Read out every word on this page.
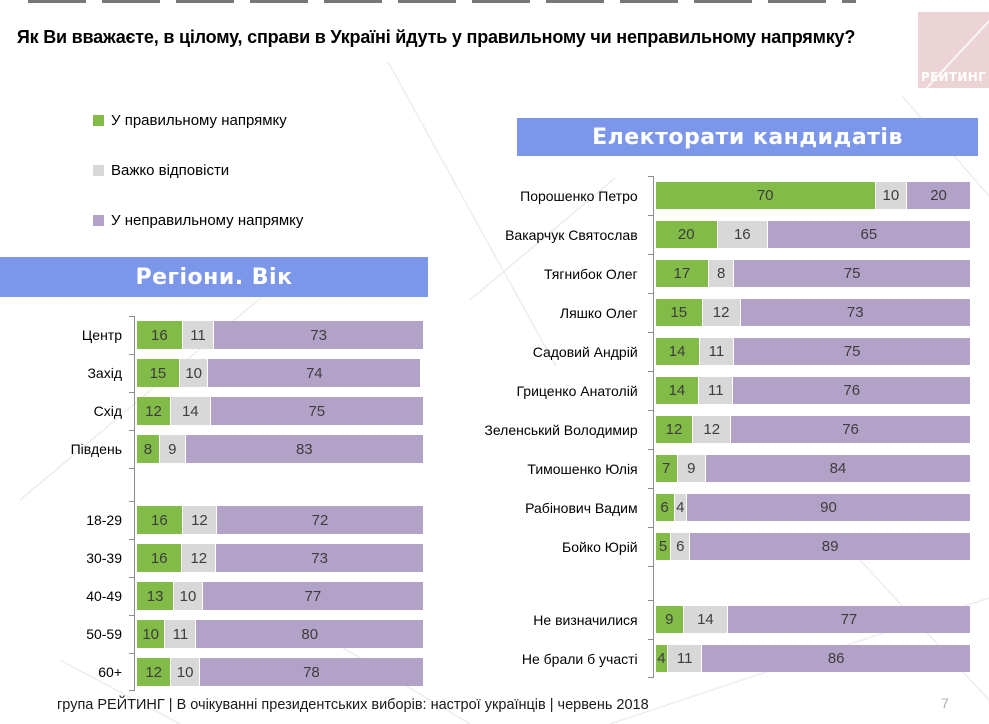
Як Ви вважаєте, в цілому, справи в Україні йдуть у правильному чи неправильному напрямку?
РЕЙТИНГ
У правильному напрямку
Важко відповісти
У неправильному напрямку
Регіони. Вік
Електорати кандидатів
Центр	16 11	73
Захід	15 10	74
Схід	12 14	75
Південь	8 9	83
18-29	16 12	72
30-39	16 12	73
40-49	13 10	77
50-59	10 11	80
60+	12 10	78
Порошенко Петро	70	10 20
Вакарчук Святослав	20	16	65
Тягнибок Олег	17 8	75
Ляшко Олег	15 12	73
Садовий Андрій	14 11	75
Гриценко Анатолій	14 11	76
Зеленський Володимир	12 12	76
Тимошенко Юлія	7 9	84
Рабінович Вадим	6 4	90
Бойко Юрій	5 6	89
Не визначилися	9 14	77
Не брали б участі	4 11	86
група РЕЙТИНГ | В очікуванні президентських виборів: настрої українців | червень 2018	7
